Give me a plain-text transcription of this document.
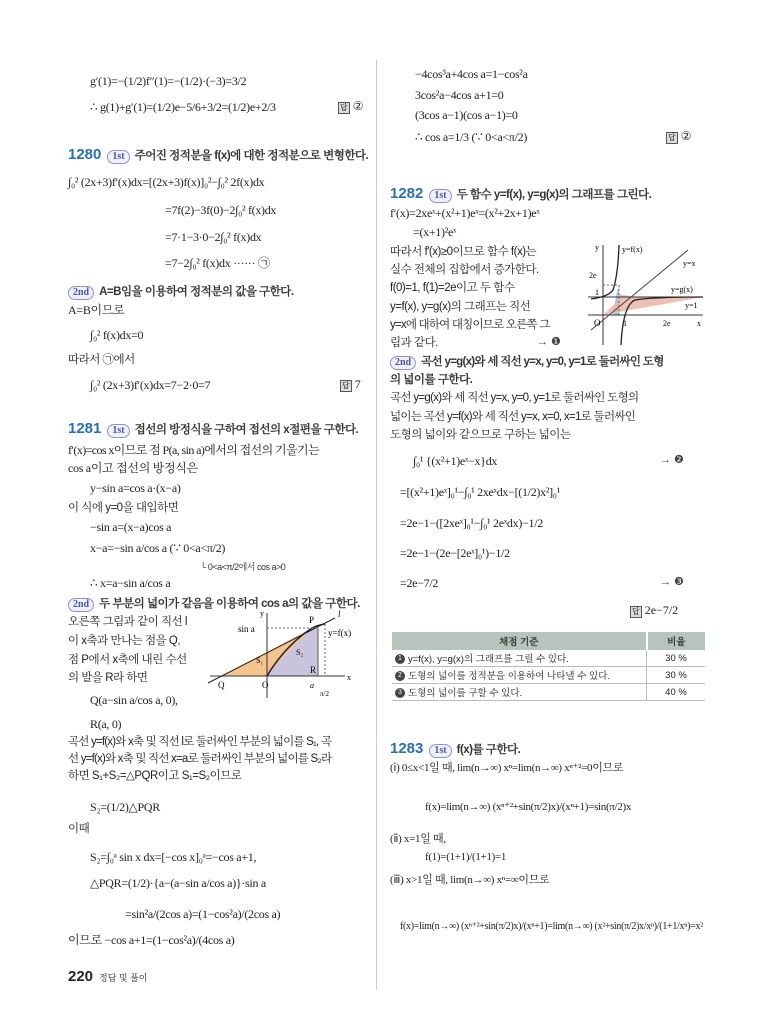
g′(1)=−(1/2)f″(1)=−(1/2)·(−3)=3/2
∴ g(1)+g′(1)=(1/2)e−5/6+3/2=(1/2)e+2/3	답 ②
1280 1st 주어진 정적분을 f(x)에 대한 정적분으로 변형한다.
∫₀² (2x+3)f′(x)dx=[(2x+3)f(x)]₀²−∫₀² 2f(x)dx
=7f(2)−3f(0)−2∫₀² f(x)dx
=7·1−3·0−2∫₀² f(x)dx
=7−2∫₀² f(x)dx ······ ㉠
2nd A=B임을 이용하여 정적분의 값을 구한다.
A=B이므로
∫₀² f(x)dx=0
따라서 ㉠에서
∫₀² (2x+3)f′(x)dx=7−2·0=7	답 7
1281 1st 접선의 방정식을 구하여 접선의 x절편을 구한다.
f′(x)=cos x이므로 점 P(a, sin a)에서의 접선의 기울기는
cos a이고 접선의 방정식은
y−sin a=cos a·(x−a)
이 식에 y=0을 대입하면
−sin a=(x−a)cos a
x−a=−sin a/cos a (∵ 0<a<π/2)
└ 0<a<π/2에서 cos a>0
∴ x=a−sin a/cos a
2nd 두 부분의 넓이가 같음을 이용하여 cos a의 값을 구한다.
오른쪽 그림과 같이 직선 l
이 x축과 만나는 점을 Q,
점 P에서 x축에 내린 수선
의 발을 R라 하면
Q(a−sin a/cos a, 0),
R(a, 0)
곡선 y=f(x)와 x축 및 직선 l로 둘러싸인 부분의 넓이를 S₁, 곡
선 y=f(x)와 x축 및 직선 x=a로 둘러싸인 부분의 넓이를 S₂라
하면 S₁+S₂=△PQR이고 S₁=S₂이므로
S₂=(1/2)△PQR
이때
S₂=∫₀ᵃ sin x dx=[−cos x]₀ᵃ=−cos a+1,
△PQR=(1/2)·{a−(a−sin a/cos a)}·sin a
=sin²a/(2cos a)=(1−cos²a)/(2cos a)
이므로 −cos a+1=(1−cos²a)/(4cos a)
y
sin a
P
l
y=f(x)
S₁
S₂
Q	O
R
a
π/2
x
220 정답 및 풀이
−4cos³a+4cos a=1−cos²a
3cos²a−4cos a+1=0
(3cos a−1)(cos a−1)=0
∴ cos a=1/3 (∵ 0<a<π/2)	답 ②
1282 1st 두 함수 y=f(x), y=g(x)의 그래프를 그린다.
f′(x)=2xeˣ+(x²+1)eˣ=(x²+2x+1)eˣ
=(x+1)²eˣ
따라서 f′(x)≥0이므로 함수 f(x)는
실수 전체의 집합에서 증가한다.
f(0)=1, f(1)=2e이고 두 함수
y=f(x), y=g(x)의 그래프는 직선
y=x에 대하여 대칭이므로 오른쪽 그
림과 같다.	→ ❶
y	y=f(x)
y=x
2e
1	y=g(x)
y=1
O	1	2e	x
2nd 곡선 y=g(x)와 세 직선 y=x, y=0, y=1로 둘러싸인 도형
의 넓이를 구한다.
곡선 y=g(x)와 세 직선 y=x, y=0, y=1로 둘러싸인 도형의
넓이는 곡선 y=f(x)와 세 직선 y=x, x=0, x=1로 둘러싸인
도형의 넓이와 같으므로 구하는 넓이는
∫₀¹ {(x²+1)eˣ−x}dx	→ ❷
=[(x²+1)eˣ]₀¹−∫₀¹ 2xeˣdx−[(1/2)x²]₀¹
=2e−1−([2xeˣ]₀¹−∫₀¹ 2eˣdx)−1/2
=2e−1−(2e−[2eˣ]₀¹)−1/2
=2e−7/2	→ ❸
답 2e−7/2
채점 기준	비율
1 y=f(x), y=g(x)의 그래프를 그릴 수 있다.	30 %
2 도형의 넓이를 정적분을 이용하여 나타낼 수 있다.	30 %
3 도형의 넓이를 구할 수 있다.	40 %
1283 1st f(x)를 구한다.
(ⅰ) 0≤x<1일 때, lim(n→∞) xⁿ=lim(n→∞) xⁿ⁺²=0이므로
f(x)=lim(n→∞) (xⁿ⁺²+sin(π/2)x)/(xⁿ+1)=sin(π/2)x
(ⅱ) x=1일 때,
f(1)=(1+1)/(1+1)=1
(ⅲ) x>1일 때, lim(n→∞) xⁿ=∞이므로
f(x)=lim(n→∞) (xⁿ⁺²+sin(π/2)x)/(xⁿ+1)=lim(n→∞) (x²+sin(π/2)x/xⁿ)/(1+1/xⁿ)=x²
